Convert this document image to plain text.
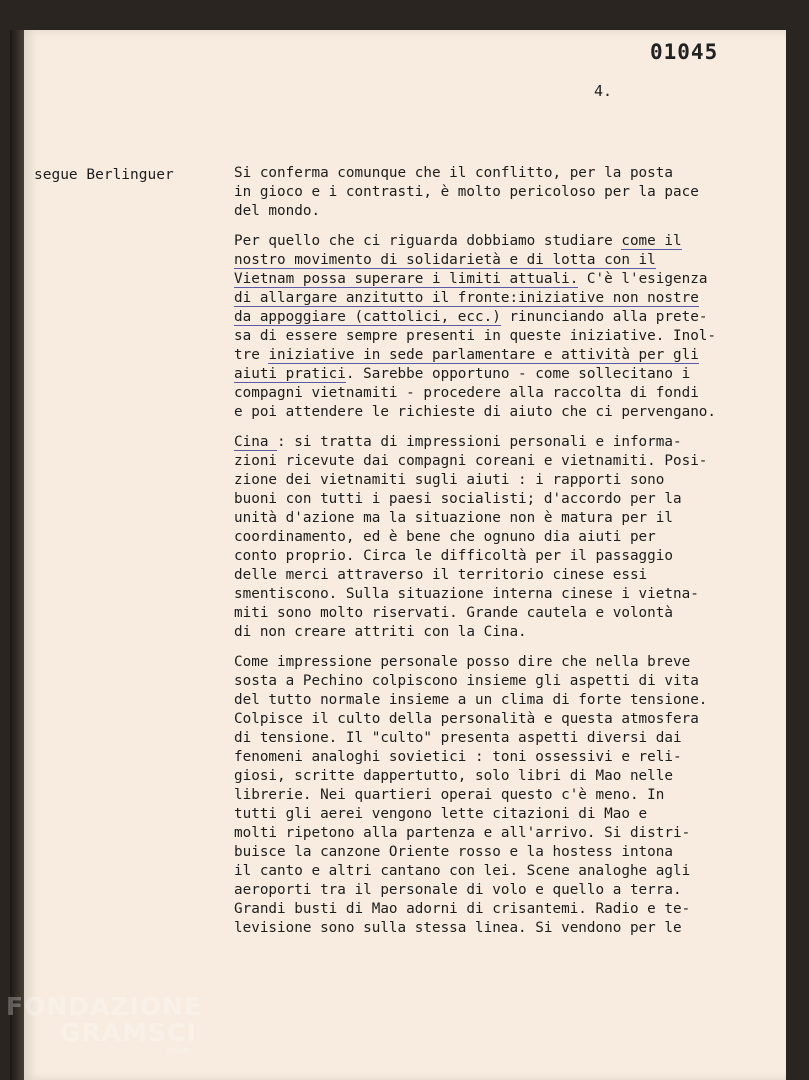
01045
4.
segue Berlinguer	Si conferma comunque che il conflitto, per la posta
in gioco e i contrasti, è molto pericoloso per la pace
del mondo.
Per quello che ci riguarda dobbiamo studiare come il
nostro movimento di solidarietà e di lotta con il
Vietnam possa superare i limiti attuali. C'è l'esigenza
di allargare anzitutto il fronte:iniziative non nostre
da appoggiare (cattolici, ecc.) rinunciando alla prete-
sa di essere sempre presenti in queste iniziative. Inol-
tre iniziative in sede parlamentare e attività per gli
aiuti pratici. Sarebbe opportuno - come sollecitano i
compagni vietnamiti - procedere alla raccolta di fondi
e poi attendere le richieste di aiuto che ci pervengano.
Cina : si tratta di impressioni personali e informa-
zioni ricevute dai compagni coreani e vietnamiti. Posi-
zione dei vietnamiti sugli aiuti : i rapporti sono
buoni con tutti i paesi socialisti; d'accordo per la
unità d'azione ma la situazione non è matura per il
coordinamento, ed è bene che ognuno dia aiuti per
conto proprio. Circa le difficoltà per il passaggio
delle merci attraverso il territorio cinese essi
smentiscono. Sulla situazione interna cinese i vietna-
miti sono molto riservati. Grande cautela e volontà
di non creare attriti con la Cina.
Come impressione personale posso dire che nella breve
sosta a Pechino colpiscono insieme gli aspetti di vita
del tutto normale insieme a un clima di forte tensione.
Colpisce il culto della personalità e questa atmosfera
di tensione. Il "culto" presenta aspetti diversi dai
fenomeni analoghi sovietici : toni ossessivi e reli-
giosi, scritte dappertutto, solo libri di Mao nelle
librerie. Nei quartieri operai questo c'è meno. In
tutti gli aerei vengono lette citazioni di Mao e
molti ripetono alla partenza e all'arrivo. Si distri-
buisce la canzone Oriente rosso e la hostess intona
il canto e altri cantano con lei. Scene analoghe agli
aeroporti tra il personale di volo e quello a terra.
Grandi busti di Mao adorni di crisantemi. Radio e te-
levisione sono sulla stessa linea. Si vendono per le
FONDAZIONE
GRAMSCI
onlus
